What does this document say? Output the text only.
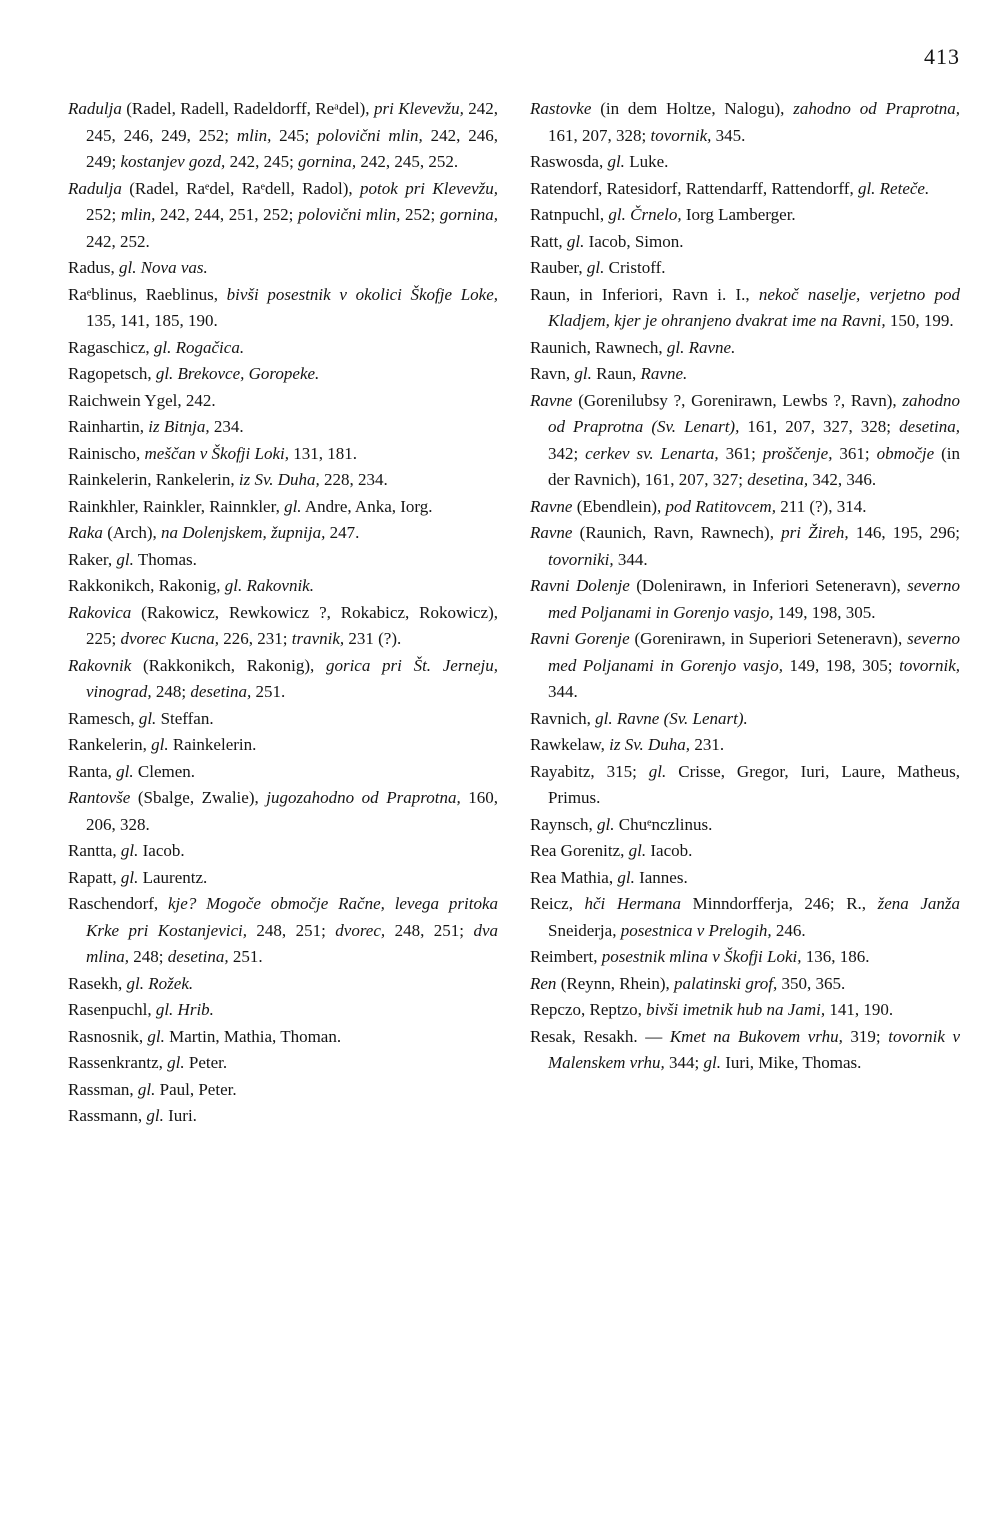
413
Radulja (Radel, Radell, Radeldorff, Reᵃdel), pri Klevevžu, 242, 245, 246, 249, 252; mlin, 245; polovični mlin, 242, 246, 249; kostanjev gozd, 242, 245; gornina, 242, 245, 252.
Radulja (Radel, Raᵉdel, Raᵉdell, Radol), potok pri Klevevžu, 252; mlin, 242, 244, 251, 252; polovični mlin, 252; gornina, 242, 252.
Radus, gl. Nova vas.
Raᵉblinus, Raeblinus, bivši posestnik v okolici Škofje Loke, 135, 141, 185, 190.
Ragaschicz, gl. Rogačica.
Ragopetsch, gl. Brekovce, Goropeke.
Raichwein Ygel, 242.
Rainhartin, iz Bitnja, 234.
Rainischo, meščan v Škofji Loki, 131, 181.
Rainkelerin, Rankelerin, iz Sv. Duha, 228, 234.
Rainkhler, Rainkler, Rainnkler, gl. Andre, Anka, Iorg.
Raka (Arch), na Dolenjskem, župnija, 247.
Raker, gl. Thomas.
Rakkonikch, Rakonig, gl. Rakovnik.
Rakovica (Rakowicz, Rewkowicz ?, Rokabicz, Rokowicz), 225; dvorec Kucna, 226, 231; travnik, 231 (?).
Rakovnik (Rakkonikch, Rakonig), gorica pri Št. Jerneju, vinograd, 248; desetina, 251.
Ramesch, gl. Steffan.
Rankelerin, gl. Rainkelerin.
Ranta, gl. Clemen.
Rantovše (Sbalge, Zwalie), jugozahodno od Praprotna, 160, 206, 328.
Rantta, gl. Iacob.
Rapatt, gl. Laurentz.
Raschendorf, kje? Mogoče območje Račne, levega pritoka Krke pri Kostanjevici, 248, 251; dvorec, 248, 251; dva mlina, 248; desetina, 251.
Rasekh, gl. Rožek.
Rasenpuchl, gl. Hrib.
Rasnosnik, gl. Martin, Mathia, Thoman.
Rassenkrantz, gl. Peter.
Rassman, gl. Paul, Peter.
Rassmann, gl. Iuri.
Rastovke (in dem Holtze, Nalogu), zahodno od Praprotna, 161, 207, 328; tovornik, 345.
Raswosda, gl. Luke.
Ratendorf, Ratesidorf, Rattendarff, Rattendorff, gl. Reteče.
Ratnpuchl, gl. Črnelo, Iorg Lamberger.
Ratt, gl. Iacob, Simon.
Rauber, gl. Cristoff.
Raun, in Inferiori, Ravn i. I., nekoč naselje, verjetno pod Kladjem, kjer je ohranjeno dvakrat ime na Ravni, 150, 199.
Raunich, Rawnech, gl. Ravne.
Ravn, gl. Raun, Ravne.
Ravne (Gorenilubsy ?, Gorenirawn, Lewbs ?, Ravn), zahodno od Praprotna (Sv. Lenart), 161, 207, 327, 328; desetina, 342; cerkev sv. Lenarta, 361; proščenje, 361; območje (in der Ravnich), 161, 207, 327; desetina, 342, 346.
Ravne (Ebendlein), pod Ratitovcem, 211 (?), 314.
Ravne (Raunich, Ravn, Rawnech), pri Žireh, 146, 195, 296; tovorniki, 344.
Ravni Dolenje (Dolenirawn, in Inferiori Seteneravn), severno med Poljanami in Gorenjo vasjo, 149, 198, 305.
Ravni Gorenje (Gorenirawn, in Superiori Seteneravn), severno med Poljanami in Gorenjo vasjo, 149, 198, 305; tovornik, 344.
Ravnich, gl. Ravne (Sv. Lenart).
Rawkelaw, iz Sv. Duha, 231.
Rayabitz, 315; gl. Crisse, Gregor, Iuri, Laure, Matheus, Primus.
Raynsch, gl. Chuᵉnczlinus.
Rea Gorenitz, gl. Iacob.
Rea Mathia, gl. Iannes.
Reicz, hči Hermana Minndorfferja, 246; R., žena Janža Sneiderja, posestnica v Prelogih, 246.
Reimbert, posestnik mlina v Škofji Loki, 136, 186.
Ren (Reynn, Rhein), palatinski grof, 350, 365.
Repczo, Reptzo, bivši imetnik hub na Jami, 141, 190.
Resak, Resakh. — Kmet na Bukovem vrhu, 319; tovornik v Malenskem vrhu, 344; gl. Iuri, Mike, Thomas.
